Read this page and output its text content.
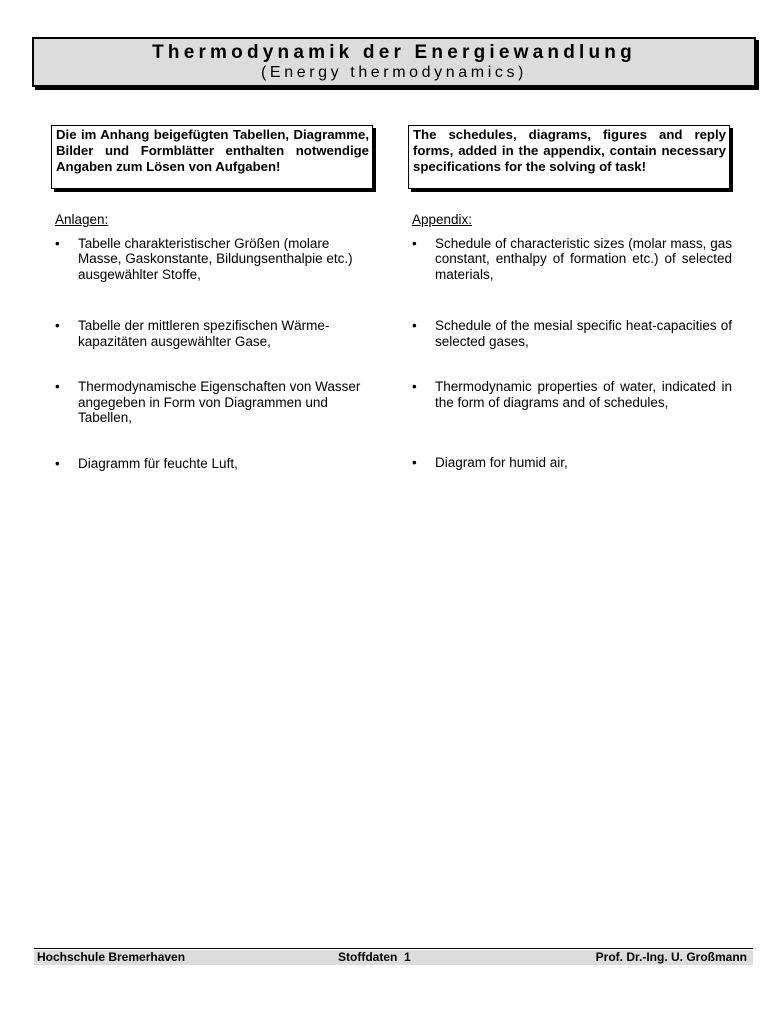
Thermodynamik der Energiewandlung
(Energy thermodynamics)
Die im Anhang beigefügten Tabellen, Diagramme, Bilder und Formblätter enthalten notwendige Angaben zum Lösen von Aufgaben!
The schedules, diagrams, figures and reply forms, added in the appendix, contain necessary specifications for the solving of task!
Anlagen:
• Tabelle charakteristischer Größen (molare Masse, Gaskonstante, Bildungsenthalpie etc.) ausgewählter Stoffe,
• Tabelle der mittleren spezifischen Wärme-kapazitäten ausgewählter Gase,
• Thermodynamische Eigenschaften von Wasser angegeben in Form von Diagrammen und Tabellen,
• Diagramm für feuchte Luft,
Appendix:
• Schedule of characteristic sizes (molar mass, gas constant, enthalpy of formation etc.) of selected materials,
• Schedule of the mesial specific heat-capacities of selected gases,
• Thermodynamic properties of water, indicated in the form of diagrams and of schedules,
• Diagram for humid air,
Hochschule Bremerhaven	Stoffdaten  1	Prof. Dr.-Ing. U. Großmann
